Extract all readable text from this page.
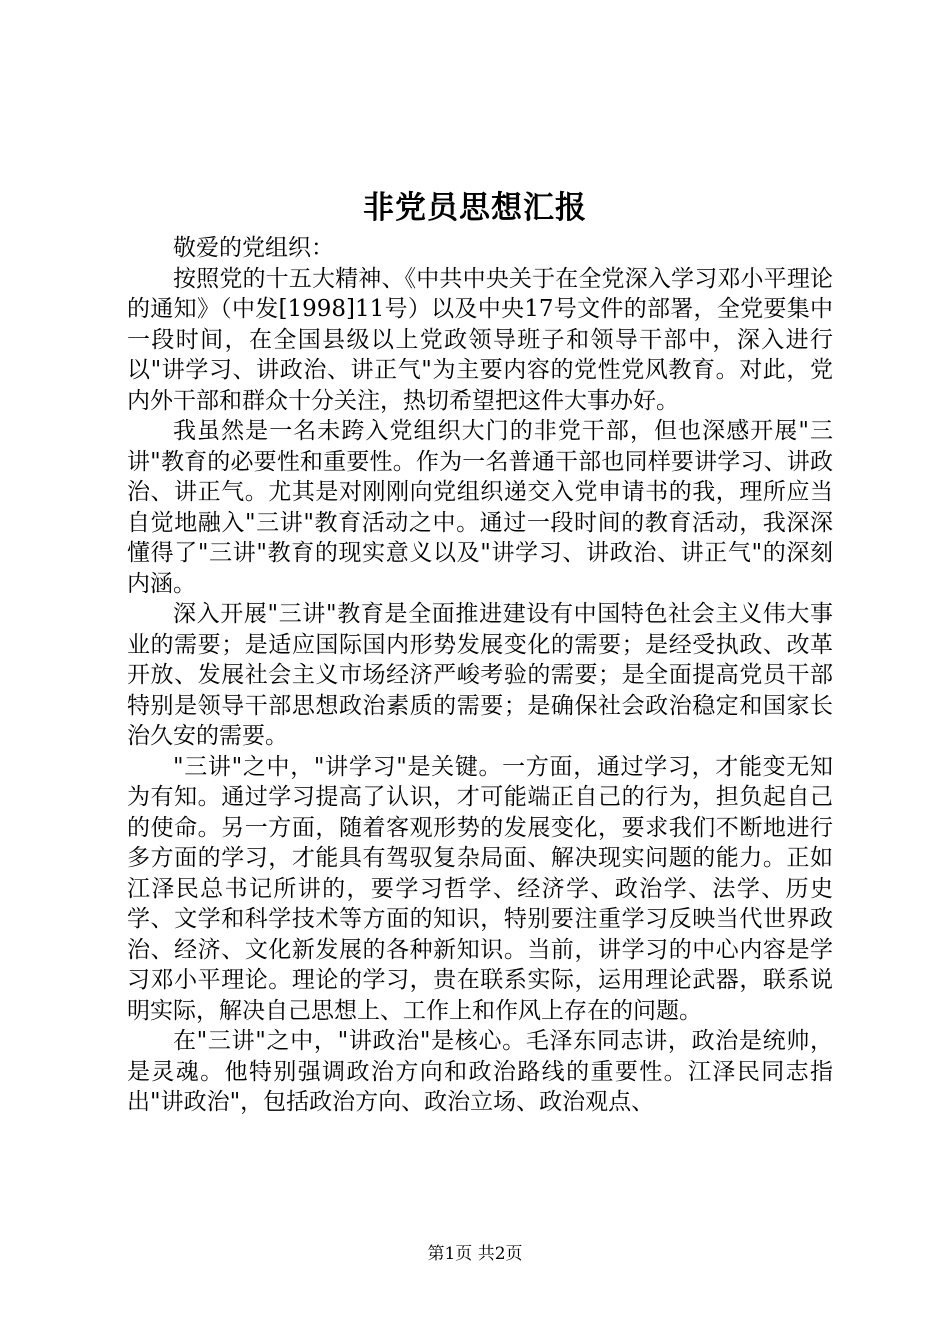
非党员思想汇报

敬爱的党组织：

按照党的十五大精神、《中共中央关于在全党深入学习邓小平理论的通知》（中发[1998]11号）以及中央17号文件的部署，全党要集中一段时间，在全国县级以上党政领导班子和领导干部中，深入进行以"讲学习、讲政治、讲正气"为主要内容的党性党风教育。对此，党内外干部和群众十分关注，热切希望把这件大事办好。

我虽然是一名未跨入党组织大门的非党干部，但也深感开展"三讲"教育的必要性和重要性。作为一名普通干部也同样要讲学习、讲政治、讲正气。尤其是对刚刚向党组织递交入党申请书的我，理所应当自觉地融入"三讲"教育活动之中。通过一段时间的教育活动，我深深懂得了"三讲"教育的现实意义以及"讲学习、讲政治、讲正气"的深刻内涵。

深入开展"三讲"教育是全面推进建设有中国特色社会主义伟大事业的需要；是适应国际国内形势发展变化的需要；是经受执政、改革开放、发展社会主义市场经济严峻考验的需要；是全面提高党员干部特别是领导干部思想政治素质的需要；是确保社会政治稳定和国家长治久安的需要。

"三讲"之中，"讲学习"是关键。一方面，通过学习，才能变无知为有知。通过学习提高了认识，才可能端正自己的行为，担负起自己的使命。另一方面，随着客观形势的发展变化，要求我们不断地进行多方面的学习，才能具有驾驭复杂局面、解决现实问题的能力。正如江泽民总书记所讲的，要学习哲学、经济学、政治学、法学、历史学、文学和科学技术等方面的知识，特别要注重学习反映当代世界政治、经济、文化新发展的各种新知识。当前，讲学习的中心内容是学习邓小平理论。理论的学习，贵在联系实际，运用理论武器，联系说明实际，解决自己思想上、工作上和作风上存在的问题。

在"三讲"之中，"讲政治"是核心。毛泽东同志讲，政治是统帅，是灵魂。他特别强调政治方向和政治路线的重要性。江泽民同志指出"讲政治"，包括政治方向、政治立场、政治观点、

第1页 共2页
